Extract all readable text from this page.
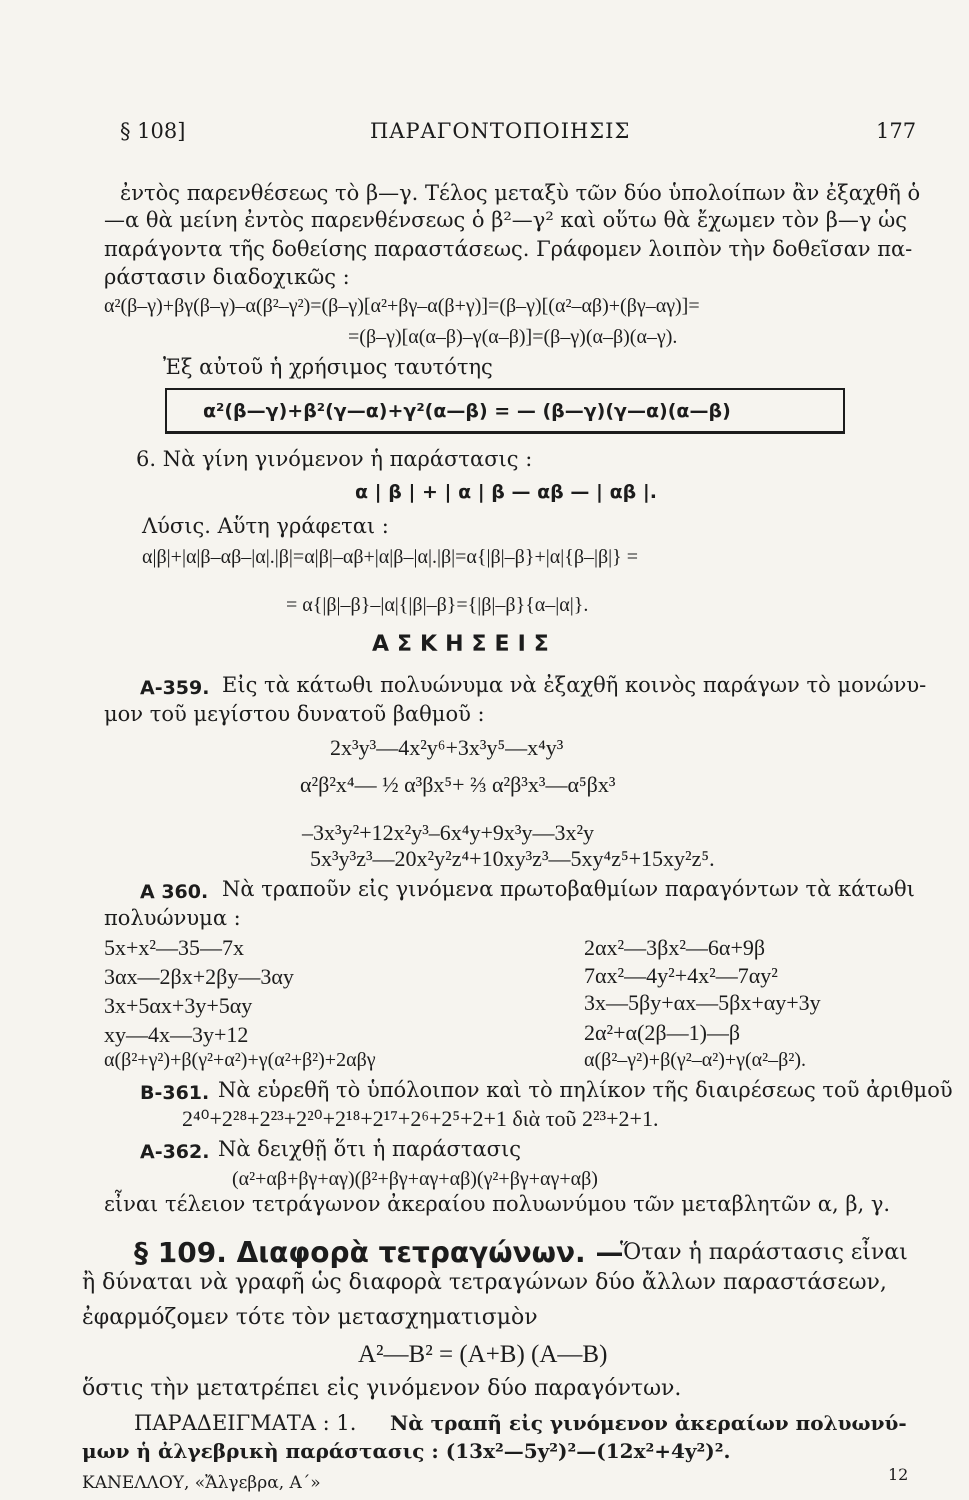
§ 108]	ΠΑΡΑΓΟΝΤΟΠΟΙΗΣΙΣ	177
ἐντὸς παρενθέσεως τὸ β—γ. Τέλος μεταξὺ τῶν δύο ὑπολοίπων ἂν ἐξαχθῆ ὁ
—α θὰ μείνη ἐντὸς παρενθένσεως ὁ β²—γ² καὶ οὕτω θὰ ἔχωμεν τὸν β—γ ὡς
παράγοντα τῆς δοθείσης παραστάσεως. Γράφομεν λοιπὸν τὴν δοθεῖσαν πα-
ράστασιν διαδοχικῶς :
α²(β–γ)+βγ(β–γ)–α(β²–γ²)=(β–γ)[α²+βγ–α(β+γ)]=(β–γ)[(α²–αβ)+(βγ–αγ)]=
=(β–γ)[α(α–β)–γ(α–β)]=(β–γ)(α–β)(α–γ).
Ἐξ αὐτοῦ ἡ χρήσιμος ταυτότης
α²(β—γ)+β²(γ—α)+γ²(α—β) = — (β—γ)(γ—α)(α—β)
6. Νὰ γίνη γινόμενον ἡ παράστασις :
α | β | + | α | β — αβ — | αβ |.
Λύσις. Αὕτη γράφεται :
α|β|+|α|β–αβ–|α|.|β|=α|β|–αβ+|α|β–|α|.|β|=α{|β|–β}+|α|{β–|β|} =
= α{|β|–β}–|α|{|β|–β}={|β|–β}{α–|α|}.
ΑΣΚΗΣΕΙΣ
Α-359. Εἰς τὰ κάτωθι πολυώνυμα νὰ ἐξαχθῆ κοινὸς παράγων τὸ μονώνυ-
μον τοῦ μεγίστου δυνατοῦ βαθμοῦ :
2x³y³—4x²y⁶+3x³y⁵—x⁴y³
α²β²x⁴— ½ α³βx⁵+ ⅔ α²β³x³—α⁵βx³
–3x³y²+12x²y³–6x⁴y+9x³y—3x²y
5x³y³z³—20x²y²z⁴+10xy³z³—5xy⁴z⁵+15xy²z⁵.
Α 360. Νὰ τραποῦν εἰς γινόμενα πρωτοβαθμίων παραγόντων τὰ κάτωθι
πολυώνυμα :
5x+x²—35—7x
3αx—2βx+2βy—3αy
3x+5αx+3y+5αy
xy—4x—3y+12
α(β²+γ²)+β(γ²+α²)+γ(α²+β²)+2αβγ
2αx²—3βx²—6α+9β
7αx²—4y²+4x²—7αy²
3x—5βy+αx—5βx+αy+3y
2α²+α(2β—1)—β
α(β²–γ²)+β(γ²–α²)+γ(α²–β²).
Β-361. Νὰ εὑρεθῆ τὸ ὑπόλοιπον καὶ τὸ πηλίκον τῆς διαιρέσεως τοῦ ἀριθμοῦ
2⁴⁰+2²⁸+2²³+2²⁰+2¹⁸+2¹⁷+2⁶+2⁵+2+1 διὰ τοῦ 2²³+2+1.
Α-362. Νὰ δειχθῇ ὅτι ἡ παράστασις
(α²+αβ+βγ+αγ)(β²+βγ+αγ+αβ)(γ²+βγ+αγ+αβ)
εἶναι τέλειον τετράγωνον ἀκεραίου πολυωνύμου τῶν μεταβλητῶν α, β, γ.
§ 109. Διαφορὰ τετραγώνων. —
Ὅταν ἡ παράστασις εἶναι
ἢ δύναται νὰ γραφῆ ὡς διαφορὰ τετραγώνων δύο ἄλλων παραστάσεων,
ἐφαρμόζομεν τότε τὸν μετασχηματισμὸν
A²—B² = (A+B) (A—B)
ὅστις τὴν μετατρέπει εἰς γινόμενον δύο παραγόντων.
ΠΑΡΑΔΕΙΓΜΑΤΑ : 1. Νὰ τραπῆ εἰς γινόμενον ἀκεραίων πολυωνύ-
μων ἡ ἀλγεβρικὴ παράστασις : (13x²—5y²)²—(12x²+4y²)².
ΚΑΝΕΛΛΟΥ, «Ἄλγεβρα, Α΄»	12
